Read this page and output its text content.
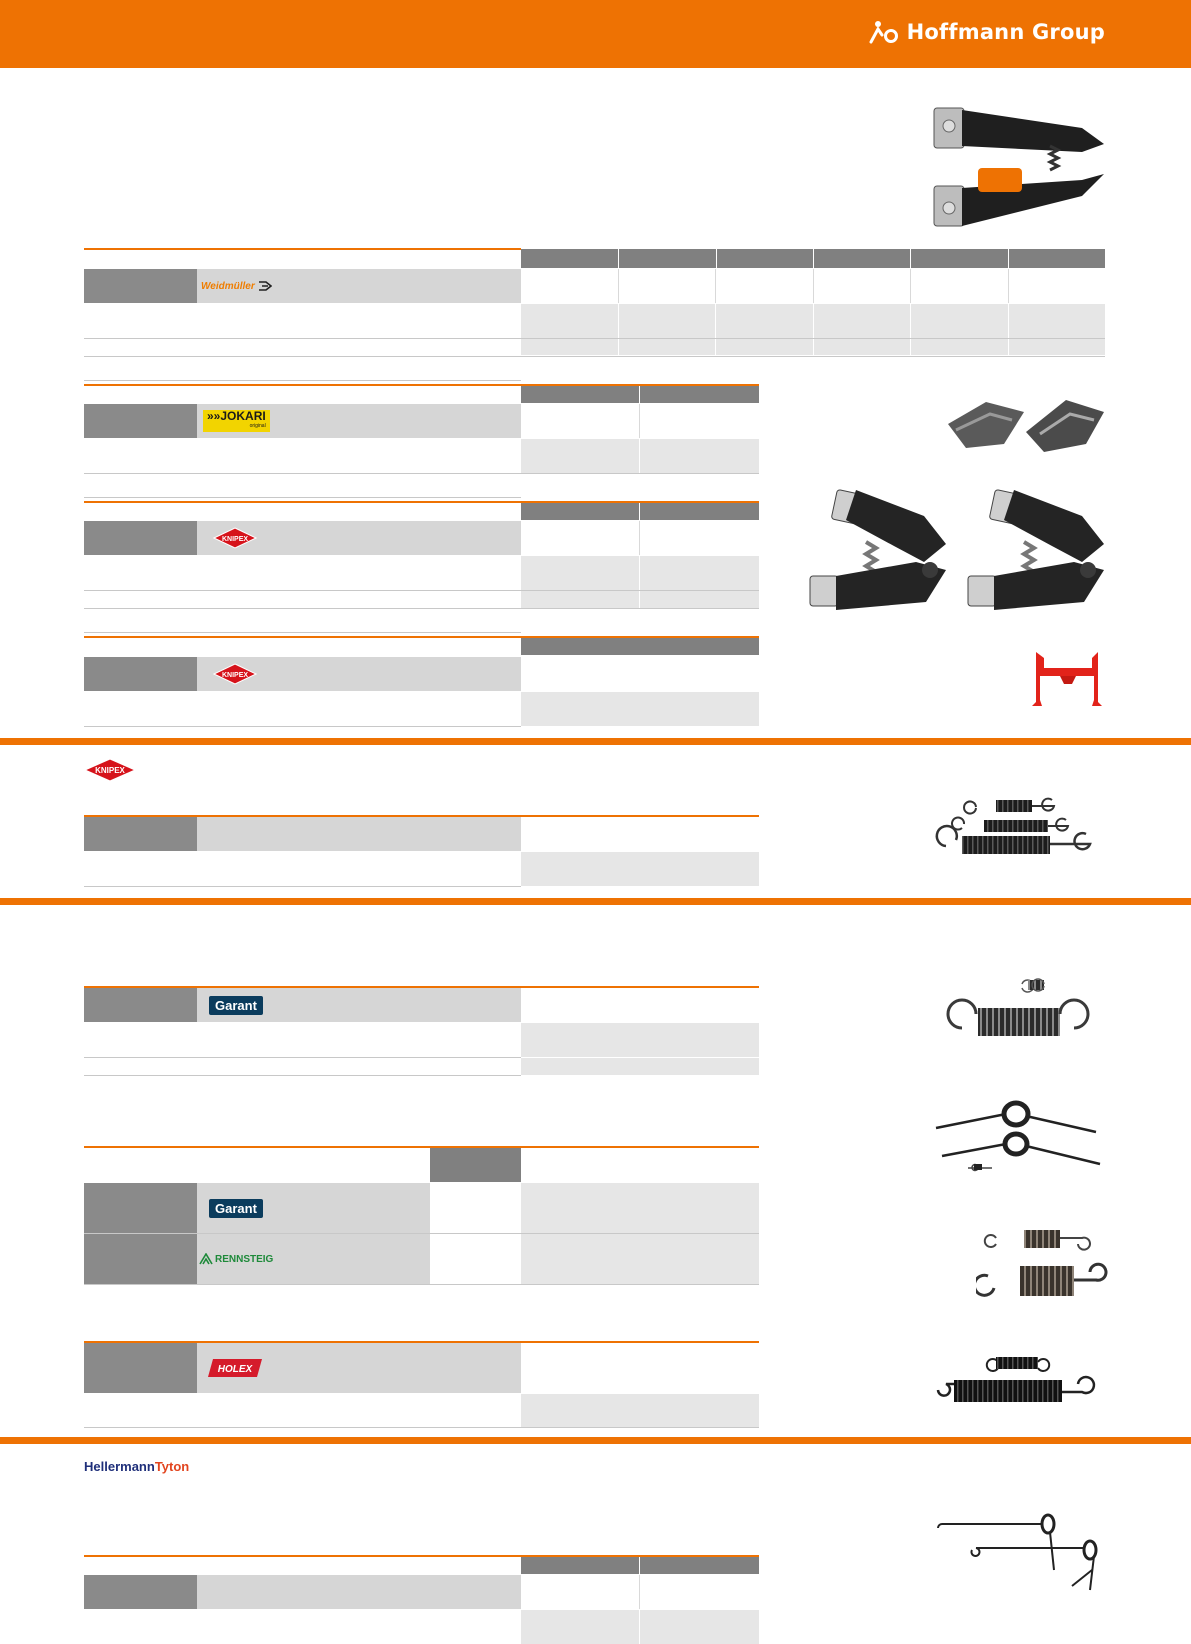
Hoffmann Group
Weidmüller
»»JOKARI
original
KNIPEX
KNIPEX
KNIPEX
Garant
Garant
RENNSTEIG
HOLEX
HellermannTyton
